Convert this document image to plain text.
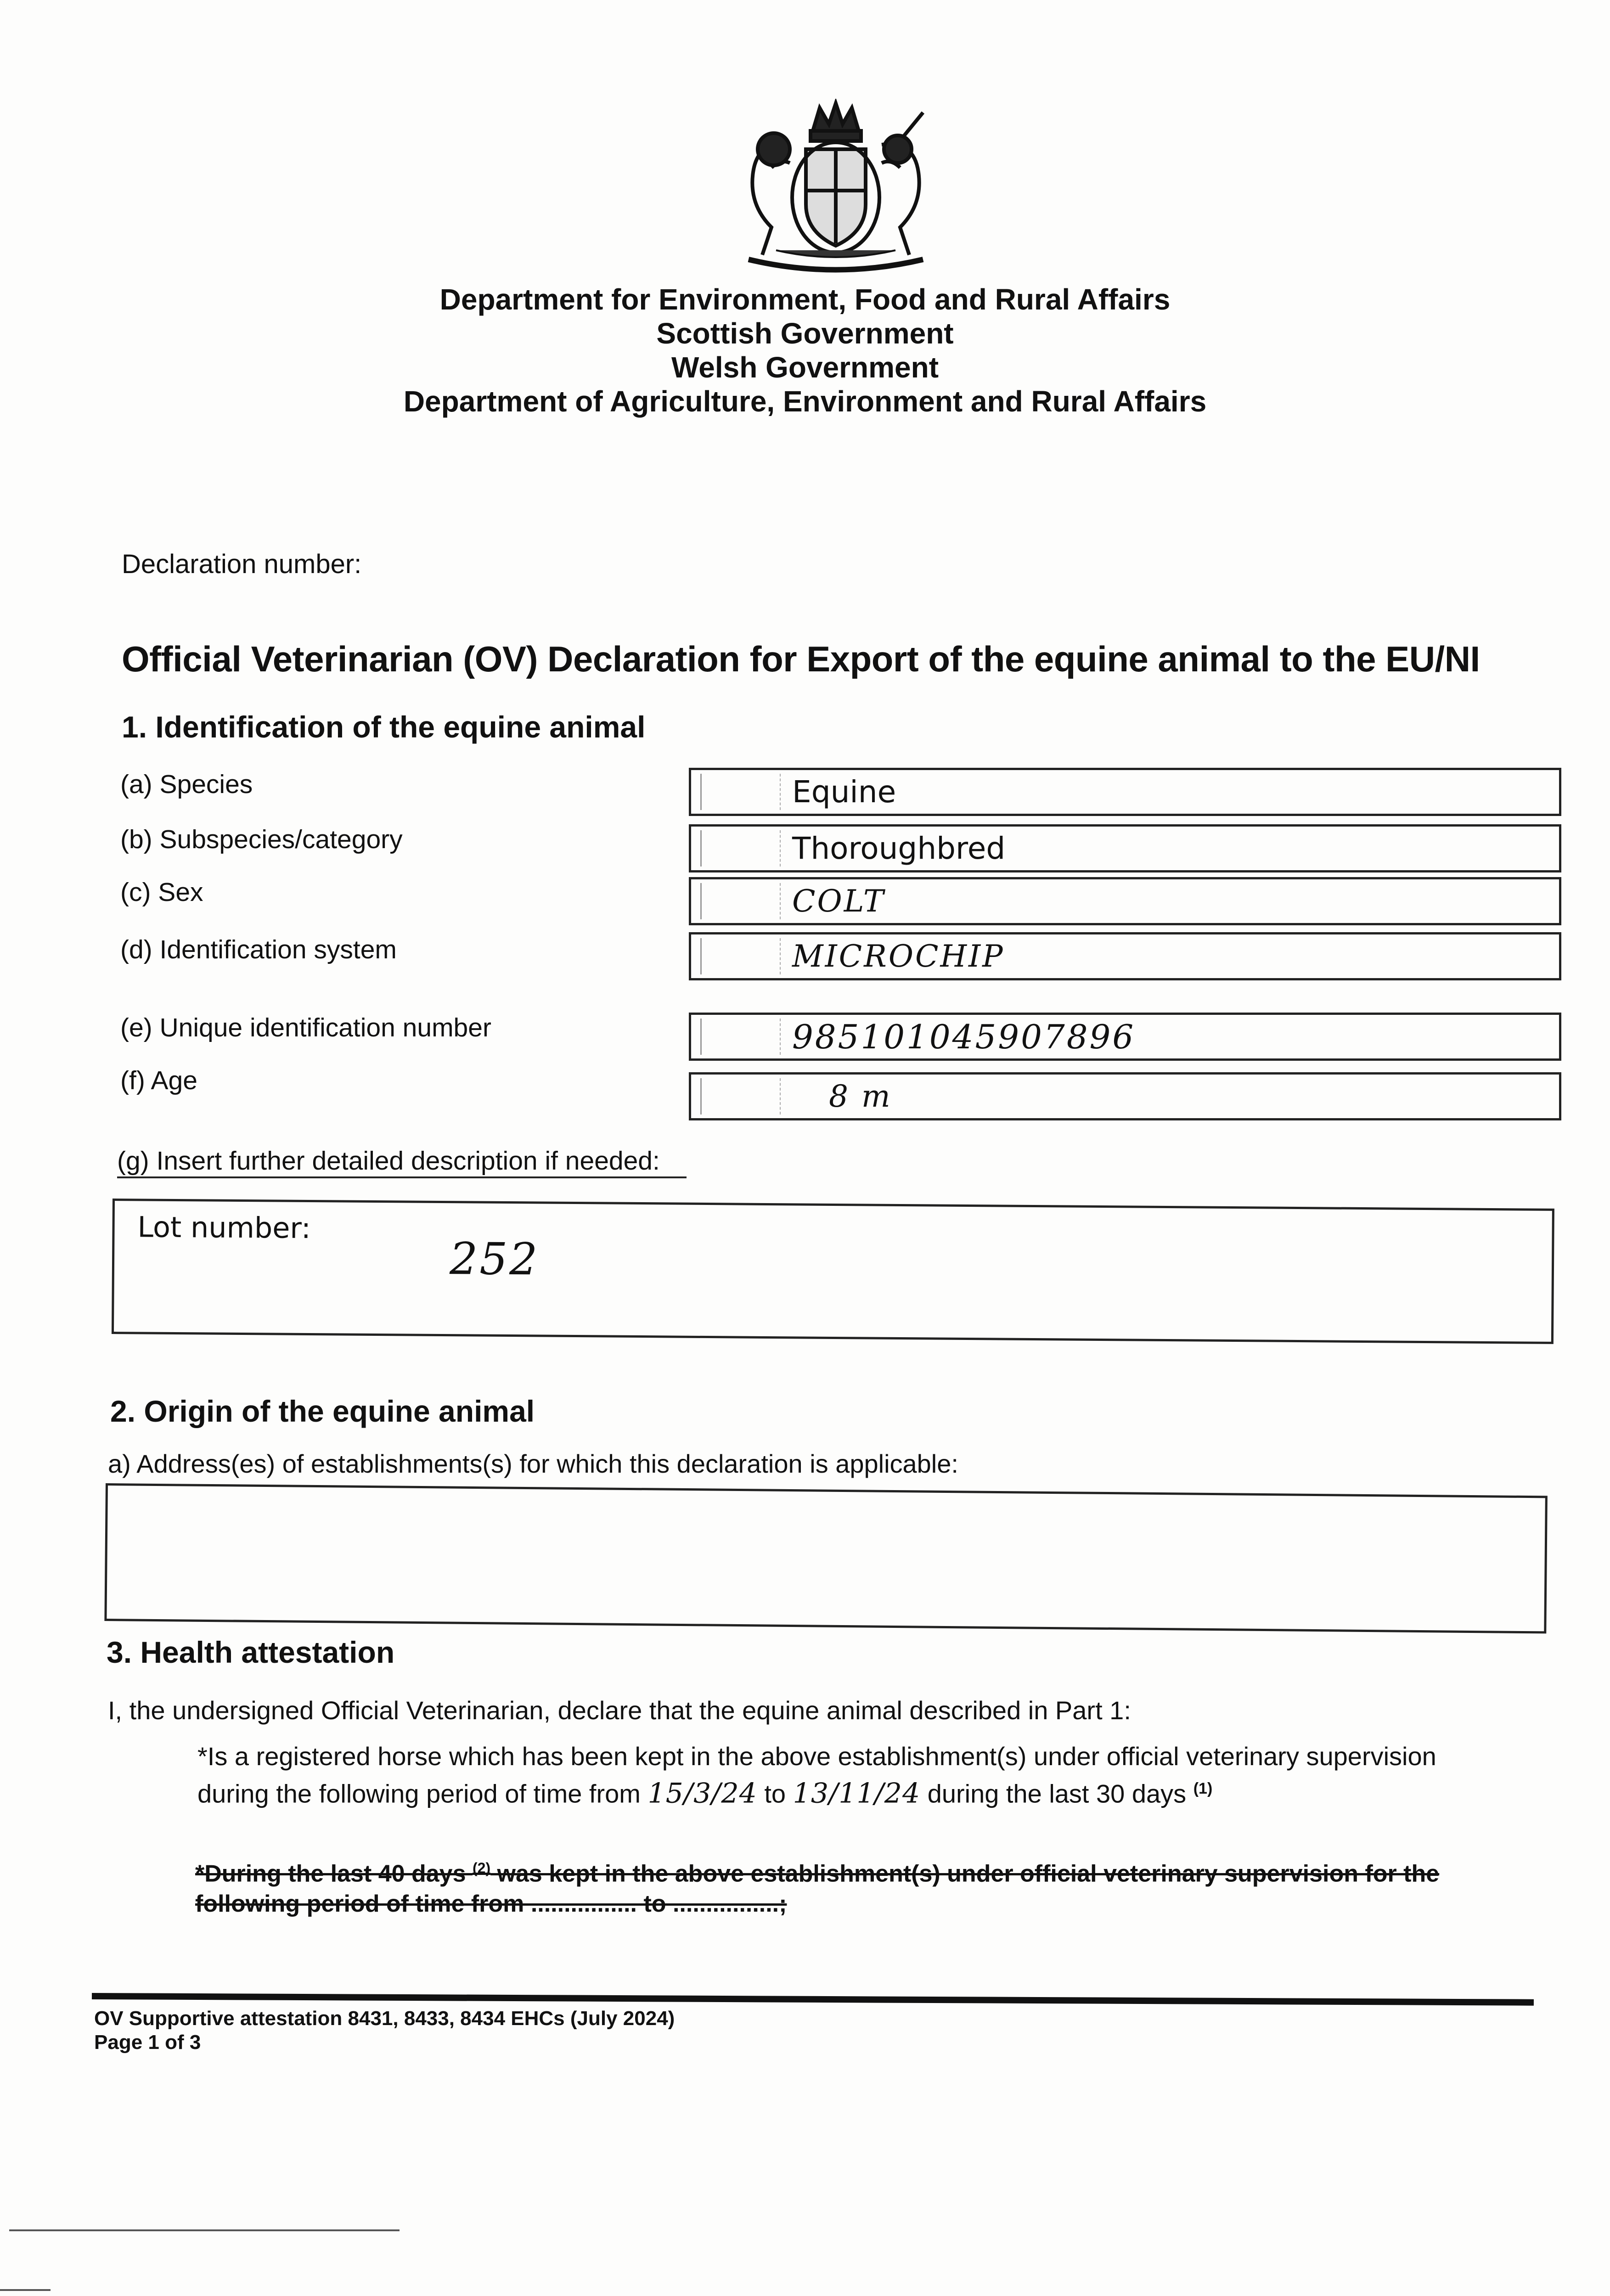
Department for Environment, Food and Rural Affairs
Scottish Government
Welsh Government
Department of Agriculture, Environment and Rural Affairs
Declaration number:
Official Veterinarian (OV) Declaration for Export of the equine animal to the EU/NI
1. Identification of the equine animal
(a) Species	Equine
(b) Subspecies/category	Thoroughbred
(c) Sex	COLT
(d) Identification system	MICROCHIP
(e) Unique identification number	985101045907896
(f) Age	8 m
(g) Insert further detailed description if needed:
Lot number:
252
2. Origin of the equine animal
a) Address(es) of establishments(s) for which this declaration is applicable:
3. Health attestation
I, the undersigned Official Veterinarian, declare that the equine animal described in Part 1:
*Is a registered horse which has been kept in the above establishment(s) under official veterinary supervision during the following period of time from 15/3/24 to 13/11/24 during the last 30 days $^{(1)}$
*During the last 40 days $^{(2)}$ was kept in the above establishment(s) under official veterinary supervision for the following period of time from ................ to ................;
OV Supportive attestation 8431, 8433, 8434 EHCs (July 2024)
Page 1 of 3
